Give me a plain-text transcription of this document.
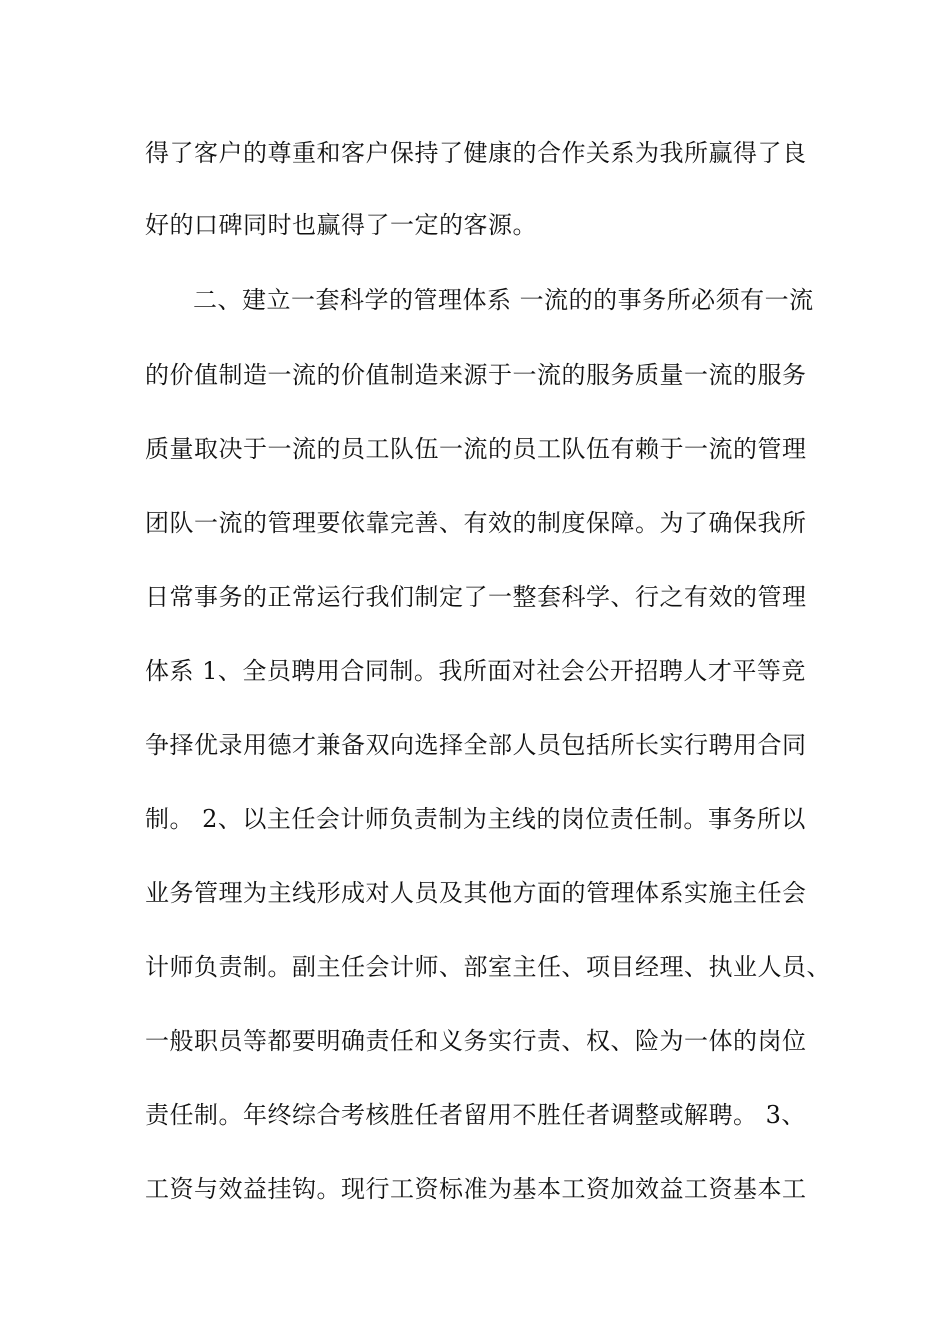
得了客户的尊重和客户保持了健康的合作关系为我所赢得了良
好的口碑同时也赢得了一定的客源。
二、建立一套科学的管理体系 一流的的事务所必须有一流
的价值制造一流的价值制造来源于一流的服务质量一流的服务
质量取决于一流的员工队伍一流的员工队伍有赖于一流的管理
团队一流的管理要依靠完善、有效的制度保障。为了确保我所
日常事务的正常运行我们制定了一整套科学、行之有效的管理
体系 1、全员聘用合同制。我所面对社会公开招聘人才平等竞
争择优录用德才兼备双向选择全部人员包括所长实行聘用合同
制。 2、以主任会计师负责制为主线的岗位责任制。事务所以
业务管理为主线形成对人员及其他方面的管理体系实施主任会
计师负责制。副主任会计师、部室主任、项目经理、执业人员、
一般职员等都要明确责任和义务实行责、权、险为一体的岗位
责任制。年终综合考核胜任者留用不胜任者调整或解聘。 3、
工资与效益挂钩。现行工资标准为基本工资加效益工资基本工
